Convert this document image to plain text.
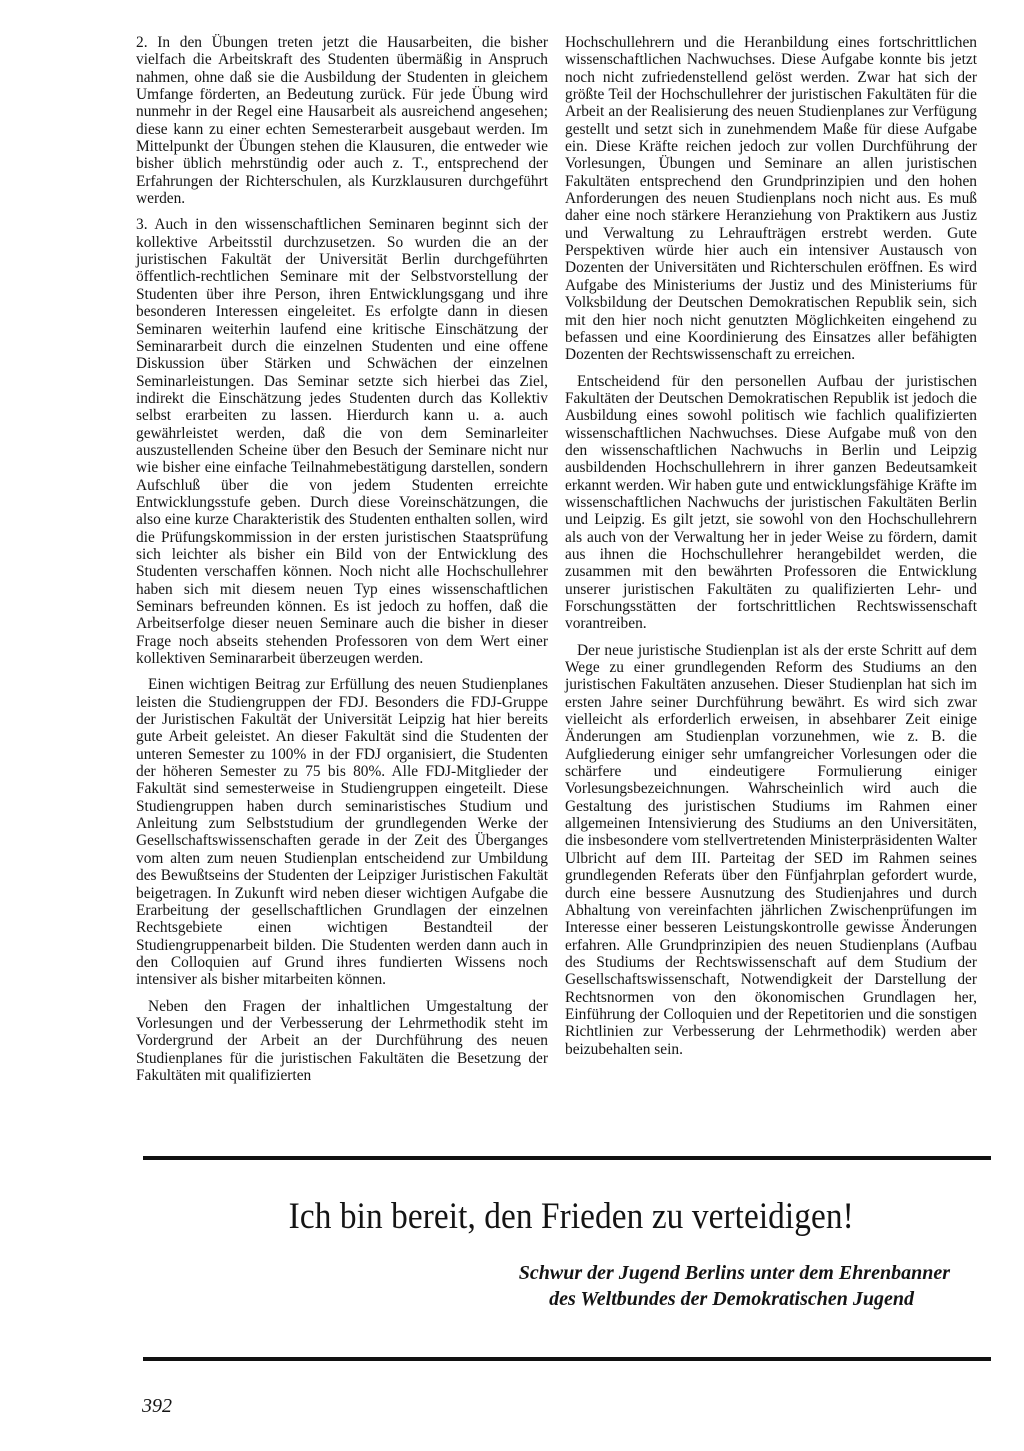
2. In den Übungen treten jetzt die Hausarbeiten, die bisher vielfach die Arbeitskraft des Studenten übermäßig in Anspruch nahmen, ohne daß sie die Ausbildung der Studenten in gleichem Umfange förderten, an Bedeutung zurück. Für jede Übung wird nunmehr in der Regel eine Hausarbeit als ausreichend angesehen; diese kann zu einer echten Semesterarbeit ausgebaut werden. Im Mittelpunkt der Übungen stehen die Klausuren, die entweder wie bisher üblich mehrstündig oder auch z. T., entsprechend der Erfahrungen der Richterschulen, als Kurzklausuren durchgeführt werden.

3. Auch in den wissenschaftlichen Seminaren beginnt sich der kollektive Arbeitsstil durchzusetzen. So wurden die an der juristischen Fakultät der Universität Berlin durchgeführten öffentlich-rechtlichen Seminare mit der Selbstvorstellung der Studenten über ihre Person, ihren Entwicklungsgang und ihre besonderen Interessen eingeleitet. Es erfolgte dann in diesen Seminaren weiterhin laufend eine kritische Einschätzung der Seminararbeit durch die einzelnen Studenten und eine offene Diskussion über Stärken und Schwächen der einzelnen Seminarleistungen. Das Seminar setzte sich hierbei das Ziel, indirekt die Einschätzung jedes Studenten durch das Kollektiv selbst erarbeiten zu lassen. Hierdurch kann u. a. auch gewährleistet werden, daß die von dem Seminarleiter auszustellenden Scheine über den Besuch der Seminare nicht nur wie bisher eine einfache Teilnahmebestätigung darstellen, sondern Aufschluß über die von jedem Studenten erreichte Entwicklungsstufe geben. Durch diese Voreinschätzungen, die also eine kurze Charakteristik des Studenten enthalten sollen, wird die Prüfungskommission in der ersten juristischen Staatsprüfung sich leichter als bisher ein Bild von der Entwicklung des Studenten verschaffen können. Noch nicht alle Hochschullehrer haben sich mit diesem neuen Typ eines wissenschaftlichen Seminars befreunden können. Es ist jedoch zu hoffen, daß die Arbeitserfolge dieser neuen Seminare auch die bisher in dieser Frage noch abseits stehenden Professoren von dem Wert einer kollektiven Seminararbeit überzeugen werden.

Einen wichtigen Beitrag zur Erfüllung des neuen Studienplanes leisten die Studiengruppen der FDJ. Besonders die FDJ-Gruppe der Juristischen Fakultät der Universität Leipzig hat hier bereits gute Arbeit geleistet. An dieser Fakultät sind die Studenten der unteren Semester zu 100% in der FDJ organisiert, die Studenten der höheren Semester zu 75 bis 80%. Alle FDJ-Mitglieder der Fakultät sind semesterweise in Studiengruppen eingeteilt. Diese Studiengruppen haben durch seminaristisches Studium und Anleitung zum Selbststudium der grundlegenden Werke der Gesellschaftswissenschaften gerade in der Zeit des Überganges vom alten zum neuen Studienplan entscheidend zur Umbildung des Bewußtseins der Studenten der Leipziger Juristischen Fakultät beigetragen. In Zukunft wird neben dieser wichtigen Aufgabe die Erarbeitung der gesellschaftlichen Grundlagen der einzelnen Rechtsgebiete einen wichtigen Bestandteil der Studiengruppenarbeit bilden. Die Studenten werden dann auch in den Colloquien auf Grund ihres fundierten Wissens noch intensiver als bisher mitarbeiten können.

Neben den Fragen der inhaltlichen Umgestaltung der Vorlesungen und der Verbesserung der Lehrmethodik steht im Vordergrund der Arbeit an der Durchführung des neuen Studienplanes für die juristischen Fakultäten die Besetzung der Fakultäten mit qualifizierten

Hochschullehrern und die Heranbildung eines fortschrittlichen wissenschaftlichen Nachwuchses. Diese Aufgabe konnte bis jetzt noch nicht zufriedenstellend gelöst werden. Zwar hat sich der größte Teil der Hochschullehrer der juristischen Fakultäten für die Arbeit an der Realisierung des neuen Studienplanes zur Verfügung gestellt und setzt sich in zunehmendem Maße für diese Aufgabe ein. Diese Kräfte reichen jedoch zur vollen Durchführung der Vorlesungen, Übungen und Seminare an allen juristischen Fakultäten entsprechend den Grundprinzipien und den hohen Anforderungen des neuen Studienplans noch nicht aus. Es muß daher eine noch stärkere Heranziehung von Praktikern aus Justiz und Verwaltung zu Lehraufträgen erstrebt werden. Gute Perspektiven würde hier auch ein intensiver Austausch von Dozenten der Universitäten und Richterschulen eröffnen. Es wird Aufgabe des Ministeriums der Justiz und des Ministeriums für Volksbildung der Deutschen Demokratischen Republik sein, sich mit den hier noch nicht genutzten Möglichkeiten eingehend zu befassen und eine Koordinierung des Einsatzes aller befähigten Dozenten der Rechtswissenschaft zu erreichen.

Entscheidend für den personellen Aufbau der juristischen Fakultäten der Deutschen Demokratischen Republik ist jedoch die Ausbildung eines sowohl politisch wie fachlich qualifizierten wissenschaftlichen Nachwuchses. Diese Aufgabe muß von den den wissenschaftlichen Nachwuchs in Berlin und Leipzig ausbildenden Hochschullehrern in ihrer ganzen Bedeutsamkeit erkannt werden. Wir haben gute und entwicklungsfähige Kräfte im wissenschaftlichen Nachwuchs der juristischen Fakultäten Berlin und Leipzig. Es gilt jetzt, sie sowohl von den Hochschullehrern als auch von der Verwaltung her in jeder Weise zu fördern, damit aus ihnen die Hochschullehrer herangebildet werden, die zusammen mit den bewährten Professoren die Entwicklung unserer juristischen Fakultäten zu qualifizierten Lehr- und Forschungsstätten der fortschrittlichen Rechtswissenschaft vorantreiben.

Der neue juristische Studienplan ist als der erste Schritt auf dem Wege zu einer grundlegenden Reform des Studiums an den juristischen Fakultäten anzusehen. Dieser Studienplan hat sich im ersten Jahre seiner Durchführung bewährt. Es wird sich zwar vielleicht als erforderlich erweisen, in absehbarer Zeit einige Änderungen am Studienplan vorzunehmen, wie z. B. die Aufgliederung einiger sehr umfangreicher Vorlesungen oder die schärfere und eindeutigere Formulierung einiger Vorlesungsbezeichnungen. Wahrscheinlich wird auch die Gestaltung des juristischen Studiums im Rahmen einer allgemeinen Intensivierung des Studiums an den Universitäten, die insbesondere vom stellvertretenden Ministerpräsidenten Walter Ulbricht auf dem III. Parteitag der SED im Rahmen seines grundlegenden Referats über den Fünfjahrplan gefordert wurde, durch eine bessere Ausnutzung des Studienjahres und durch Abhaltung von vereinfachten jährlichen Zwischenprüfungen im Interesse einer besseren Leistungskontrolle gewisse Änderungen erfahren. Alle Grundprinzipien des neuen Studienplans (Aufbau des Studiums der Rechtswissenschaft auf dem Studium der Gesellschaftswissenschaft, Notwendigkeit der Darstellung der Rechtsnormen von den ökonomischen Grundlagen her, Einführung der Colloquien und der Repetitorien und die sonstigen Richtlinien zur Verbesserung der Lehrmethodik) werden aber beizubehalten sein.

Ich bin bereit, den Frieden zu verteidigen!
Schwur der Jugend Berlins unter dem Ehrenbanner
des Weltbundes der Demokratischen Jugend
392
